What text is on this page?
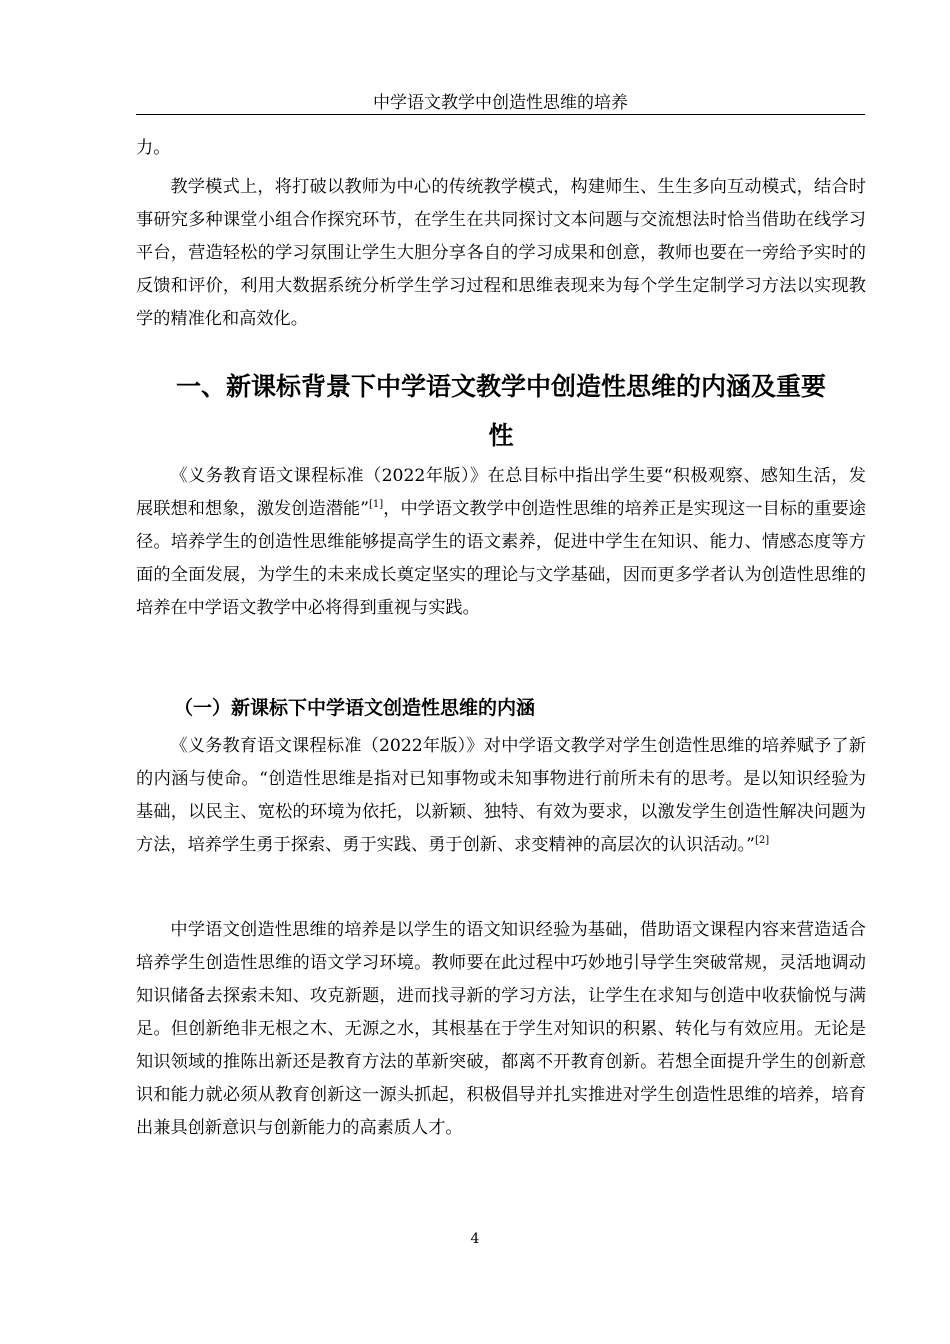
中学语文教学中创造性思维的培养

力。

教学模式上，将打破以教师为中心的传统教学模式，构建师生、生生多向互动模式，结合时事研究多种课堂小组合作探究环节，在学生在共同探讨文本问题与交流想法时恰当借助在线学习平台，营造轻松的学习氛围让学生大胆分享各自的学习成果和创意，教师也要在一旁给予实时的反馈和评价，利用大数据系统分析学生学习过程和思维表现来为每个学生定制学习方法以实现教学的精准化和高效化。

一、新课标背景下中学语文教学中创造性思维的内涵及重要
性

《义务教育语文课程标准（2022年版）》在总目标中指出学生要“积极观察、感知生活，发展联想和想象，激发创造潜能”[1]，中学语文教学中创造性思维的培养正是实现这一目标的重要途径。培养学生的创造性思维能够提高学生的语文素养，促进中学生在知识、能力、情感态度等方面的全面发展，为学生的未来成长奠定坚实的理论与文学基础，因而更多学者认为创造性思维的培养在中学语文教学中必将得到重视与实践。

（一）新课标下中学语文创造性思维的内涵

《义务教育语文课程标准（2022年版）》对中学语文教学对学生创造性思维的培养赋予了新的内涵与使命。“创造性思维是指对已知事物或未知事物进行前所未有的思考。是以知识经验为基础，以民主、宽松的环境为依托，以新颖、独特、有效为要求，以激发学生创造性解决问题为方法，培养学生勇于探索、勇于实践、勇于创新、求变精神的高层次的认识活动。”[2]

中学语文创造性思维的培养是以学生的语文知识经验为基础，借助语文课程内容来营造适合培养学生创造性思维的语文学习环境。教师要在此过程中巧妙地引导学生突破常规，灵活地调动知识储备去探索未知、攻克新题，进而找寻新的学习方法，让学生在求知与创造中收获愉悦与满足。但创新绝非无根之木、无源之水，其根基在于学生对知识的积累、转化与有效应用。无论是知识领域的推陈出新还是教育方法的革新突破，都离不开教育创新。若想全面提升学生的创新意识和能力就必须从教育创新这一源头抓起，积极倡导并扎实推进对学生创造性思维的培养，培育出兼具创新意识与创新能力的高素质人才。

4
